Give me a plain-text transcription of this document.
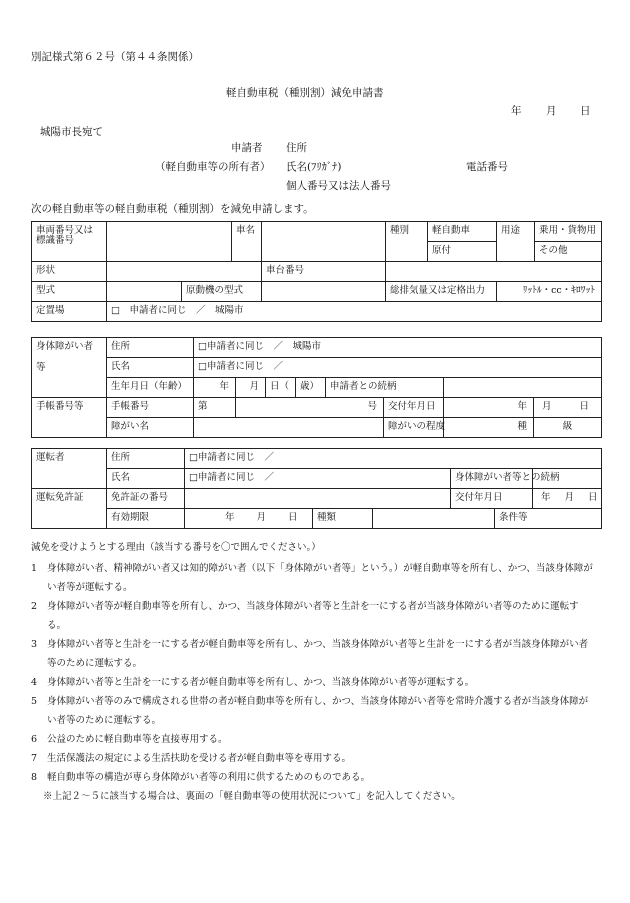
別記様式第６２号（第４４条関係）
軽自動車税（種別割）減免申請書
年 月 日
城陽市長宛て
申請者 住所
（軽自動車等の所有者） 氏名(ﾌﾘｶﾞﾅ)	電話番号
個人番号又は法人番号
次の軽自動車等の軽自動車税（種別割）を減免申請します。
車両番号又は
標識番号			車名		種別	軽自動車	用途	乗用・貨物用
						原付		その他
形状				車台番号				
型式		原動機の型式			総排気量又は定格出力		ﾘｯﾄﾙ・cc・ｷﾛﾜｯﾄ	
定置場	□　申請者に同じ　／　城陽市							
身体障がい者

等	住所	□申請者に同じ　／　城陽市							
	氏名	□申請者に同じ　／							
	生年月日（年齢）	年	月	日（	歳）	申請者との続柄			
手帳番号等	手帳番号	第	号				交付年月日	年	月 日
	障がい名						障がいの程度	種	級
運転者	住所	□申請者に同じ　／						
	氏名	□申請者に同じ　／			身体障がい者等との続柄			
運転免許証	免許証の番号				交付年月日		年 月 日	
	有効期限	年 月 日	種類			条件等		
減免を受けようとする理由（該当する番号を〇で囲んでください。）
1 身体障がい者、精神障がい者又は知的障がい者（以下「身体障がい者等」という。）が軽自動車等を所有し、かつ、当該身体障がい者等が運転する。
2 身体障がい者等が軽自動車等を所有し、かつ、当該身体障がい者等と生計を一にする者が当該身体障がい者等のために運転する。
3 身体障がい者等と生計を一にする者が軽自動車等を所有し、かつ、当該身体障がい者等と生計を一にする者が当該身体障がい者等のために運転する。
4 身体障がい者等と生計を一にする者が軽自動車等を所有し、かつ、当該身体障がい者等が運転する。
5 身体障がい者等のみで構成される世帯の者が軽自動車等を所有し、かつ、当該身体障がい者等を常時介護する者が当該身体障がい者等のために運転する。
6 公益のために軽自動車等を直接専用する。
7 生活保護法の規定による生活扶助を受ける者が軽自動車等を専用する。
8 軽自動車等の構造が専ら身体障がい者等の利用に供するためのものである。
※上記２～５に該当する場合は、裏面の「軽自動車等の使用状況について」を記入してください。
